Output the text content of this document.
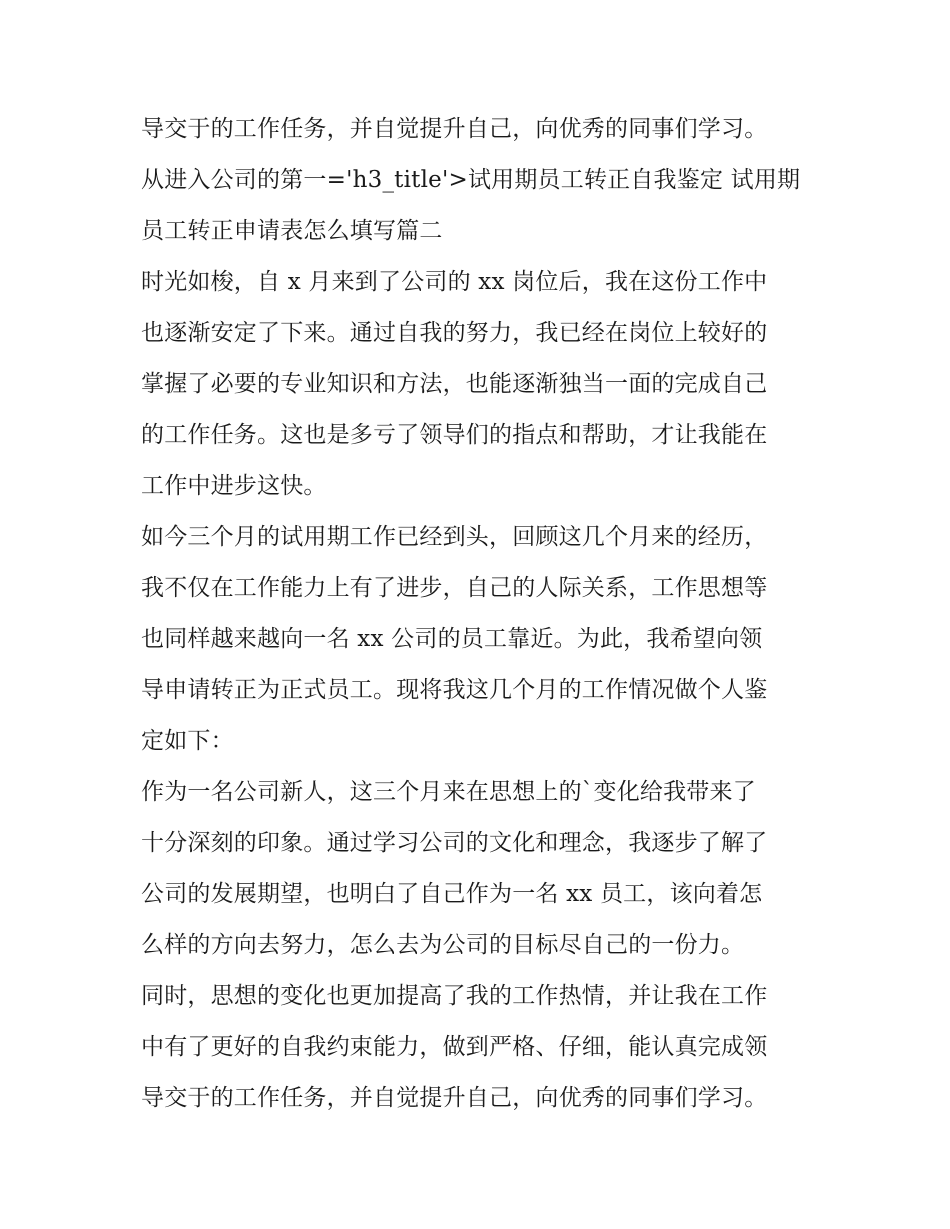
导交于的工作任务，并自觉提升自己，向优秀的同事们学习。
从进入公司的第一='h3_title'>试用期员工转正自我鉴定 试用期
员工转正申请表怎么填写篇二
时光如梭，自 x 月来到了公司的 xx 岗位后，我在这份工作中
也逐渐安定了下来。通过自我的努力，我已经在岗位上较好的
掌握了必要的专业知识和方法，也能逐渐独当一面的完成自己
的工作任务。这也是多亏了领导们的指点和帮助，才让我能在
工作中进步这快。
如今三个月的试用期工作已经到头，回顾这几个月来的经历，
我不仅在工作能力上有了进步，自己的人际关系，工作思想等
也同样越来越向一名 xx 公司的员工靠近。为此，我希望向领
导申请转正为正式员工。现将我这几个月的工作情况做个人鉴
定如下：
作为一名公司新人，这三个月来在思想上的`变化给我带来了
十分深刻的印象。通过学习公司的文化和理念，我逐步了解了
公司的发展期望，也明白了自己作为一名 xx 员工，该向着怎
么样的方向去努力，怎么去为公司的目标尽自己的一份力。
同时，思想的变化也更加提高了我的工作热情，并让我在工作
中有了更好的自我约束能力，做到严格、仔细，能认真完成领
导交于的工作任务，并自觉提升自己，向优秀的同事们学习。
